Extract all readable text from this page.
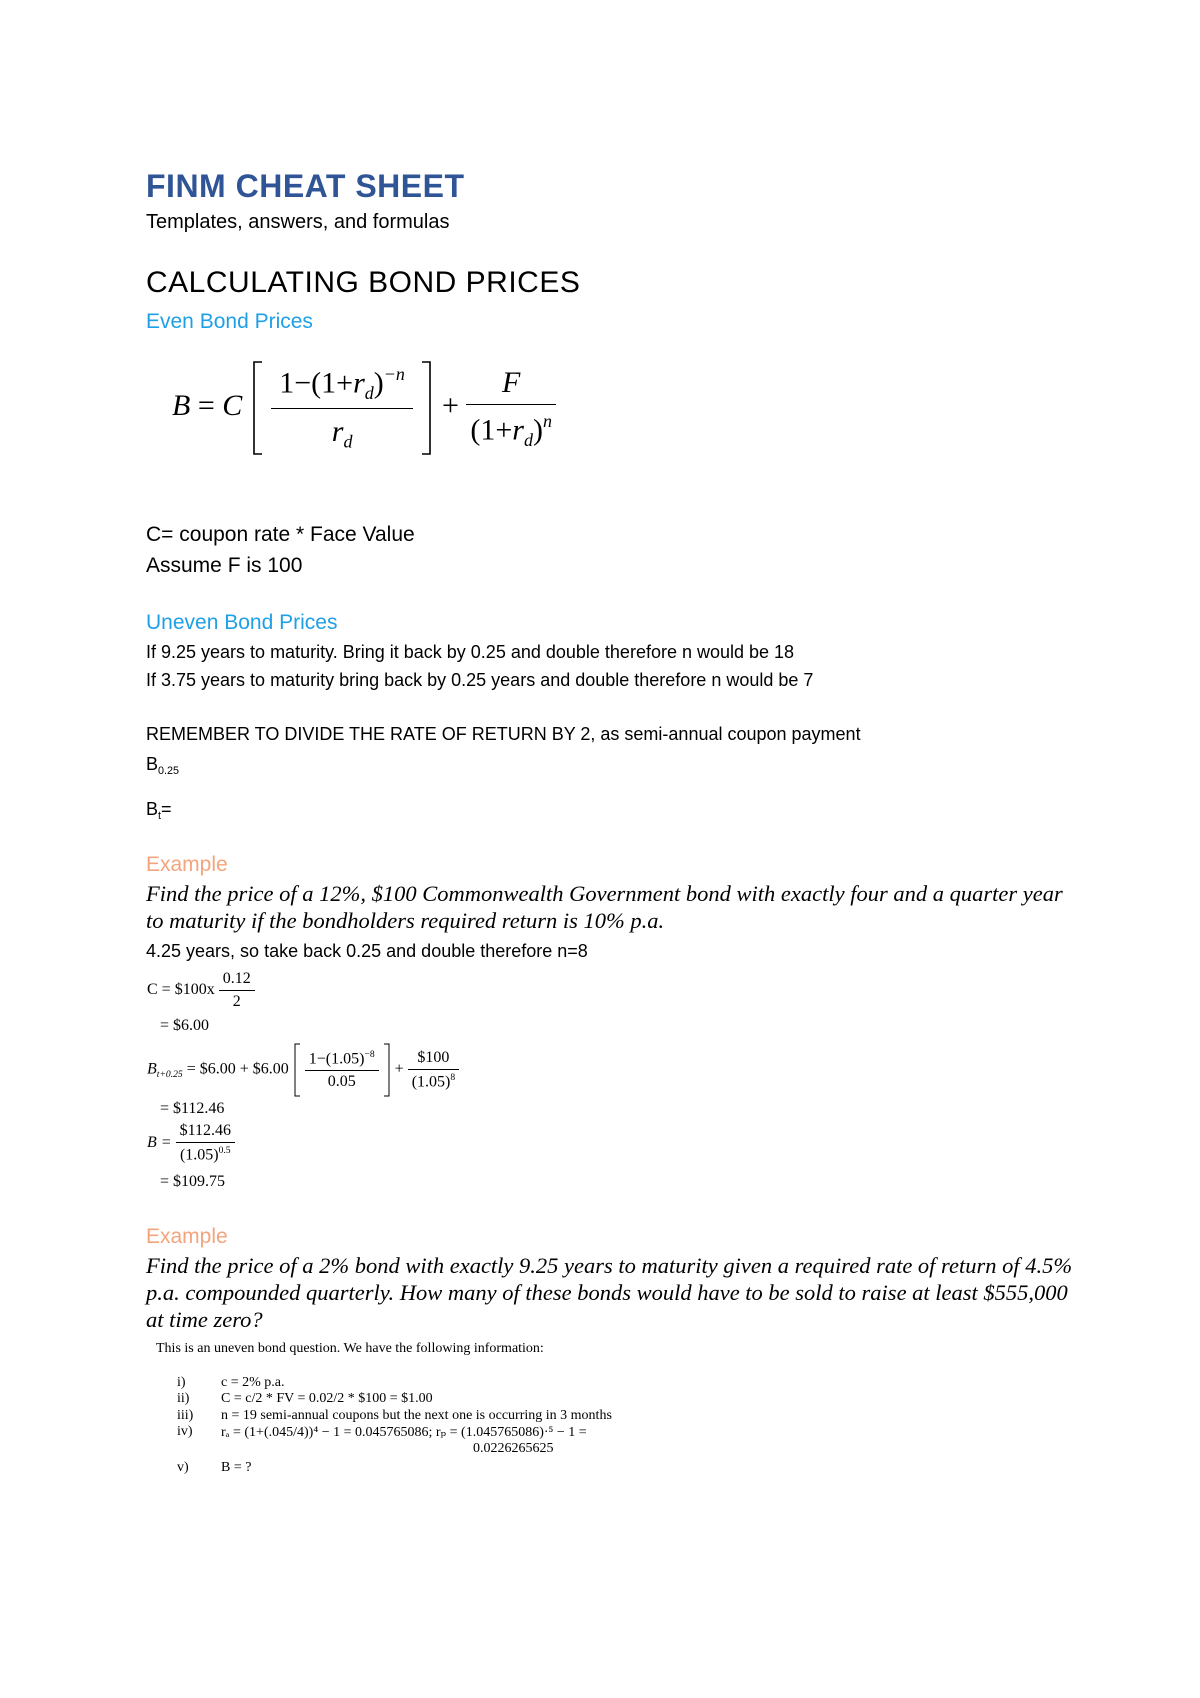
FINM CHEAT SHEET
Templates, answers, and formulas
CALCULATING BOND PRICES
Even Bond Prices
B = C $\frac{1-(1+r_d)^{-n}}{r_d} + \frac{F}{(1+r_d)^n}$
C= coupon rate * Face Value
Assume F is 100
Uneven Bond Prices
If 9.25 years to maturity. Bring it back by 0.25 and double therefore n would be 18
If 3.75 years to maturity bring back by 0.25 years and double therefore n would be 7
REMEMBER TO DIVIDE THE RATE OF RETURN BY 2, as semi-annual coupon payment
$B_{0.25}$
$B_t=$
Example
Find the price of a 12%, $100 Commonwealth Government bond with exactly four and a quarter year to maturity if the bondholders required return is 10% p.a.
4.25 years, so take back 0.25 and double therefore n=8
C = $100x $\frac{0.12}{2}$
= $6.00
$B_{t+0.25}$ = $6.00 + $6.00 $\frac{1-(1.05)^{-8}}{0.05} + \frac{\$100}{(1.05)^8}$
= $112.46
$B = \frac{\$112.46}{(1.05)^{0.5}}$
= $109.75
Example
Find the price of a 2% bond with exactly 9.25 years to maturity given a required rate of return of 4.5% p.a. compounded quarterly. How many of these bonds would have to be sold to raise at least $555,000 at time zero?
This is an uneven bond question. We have the following information:
i)	c = 2% p.a.
ii) C = c/2 * FV = 0.02/2 * $100 = $1.00
iii) n = 19 semi-annual coupons but the next one is occurring in 3 months
iv) rₐ = (1+(.045/4))⁴ − 1 = 0.045765086; rₚ = (1.045765086)·⁵ − 1 =
0.0226265625
v) B = ?
